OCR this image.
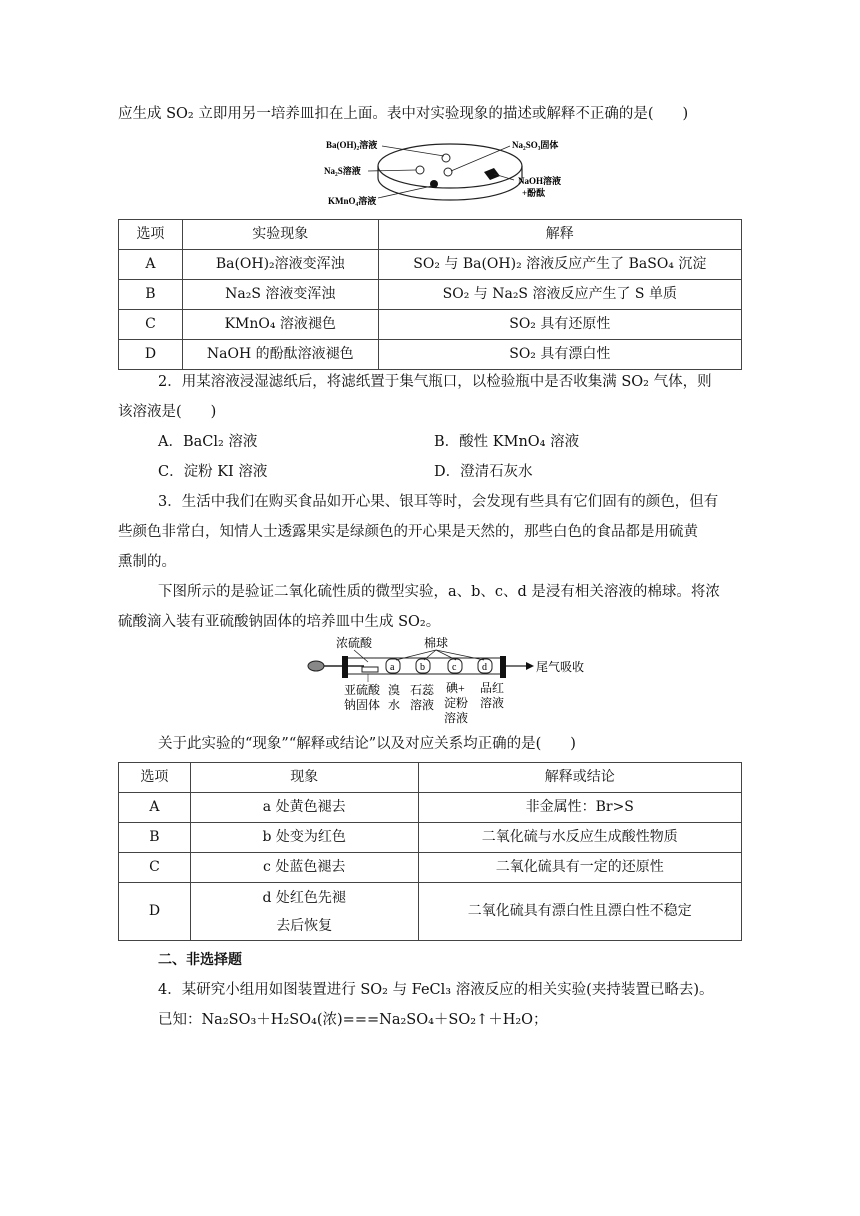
应生成 SO₂ 立即用另一培养皿扣在上面。表中对实验现象的描述或解释不正确的是(　　)
Ba(OH)₂溶液
Na₂S溶液
KMnO₄溶液
Na₂SO₃固体
NaOH溶液
+酚酞
选项	实验现象	解释
A	Ba(OH)₂溶液变浑浊	SO₂ 与 Ba(OH)₂ 溶液反应产生了 BaSO₄ 沉淀
B	Na₂S 溶液变浑浊	SO₂ 与 Na₂S 溶液反应产生了 S 单质
C	KMnO₄ 溶液褪色	SO₂ 具有还原性
D	NaOH 的酚酞溶液褪色	SO₂ 具有漂白性
2．用某溶液浸湿滤纸后，将滤纸置于集气瓶口，以检验瓶中是否收集满 SO₂ 气体，则
该溶液是(　　)
A．BaCl₂ 溶液	B．酸性 KMnO₄ 溶液
C．淀粉 KI 溶液	D．澄清石灰水
3．生活中我们在购买食品如开心果、银耳等时，会发现有些具有它们固有的颜色，但有
些颜色非常白，知情人士透露果实是绿颜色的开心果是天然的，那些白色的食品都是用硫黄
熏制的。
下图所示的是验证二氧化硫性质的微型实验，a、b、c、d 是浸有相关溶液的棉球。将浓
硫酸滴入装有亚硫酸钠固体的培养皿中生成 SO₂。
浓硫酸	棉球
a	b	c	d	尾气吸收
亚硫酸
钠固体
溴
水
石蕊
溶液
碘+
淀粉
溶液
品红
溶液
关于此实验的“现象”“解释或结论”以及对应关系均正确的是(　　)
选项	现象	解释或结论
A	a 处黄色褪去	非金属性：Br>S
B	b 处变为红色	二氧化硫与水反应生成酸性物质
C	c 处蓝色褪去	二氧化硫具有一定的还原性
D	d 处红色先褪
去后恢复	二氧化硫具有漂白性且漂白性不稳定
二、非选择题
4．某研究小组用如图装置进行 SO₂ 与 FeCl₃ 溶液反应的相关实验(夹持装置已略去)。
已知：Na₂SO₃＋H₂SO₄(浓)===Na₂SO₄＋SO₂↑＋H₂O；
